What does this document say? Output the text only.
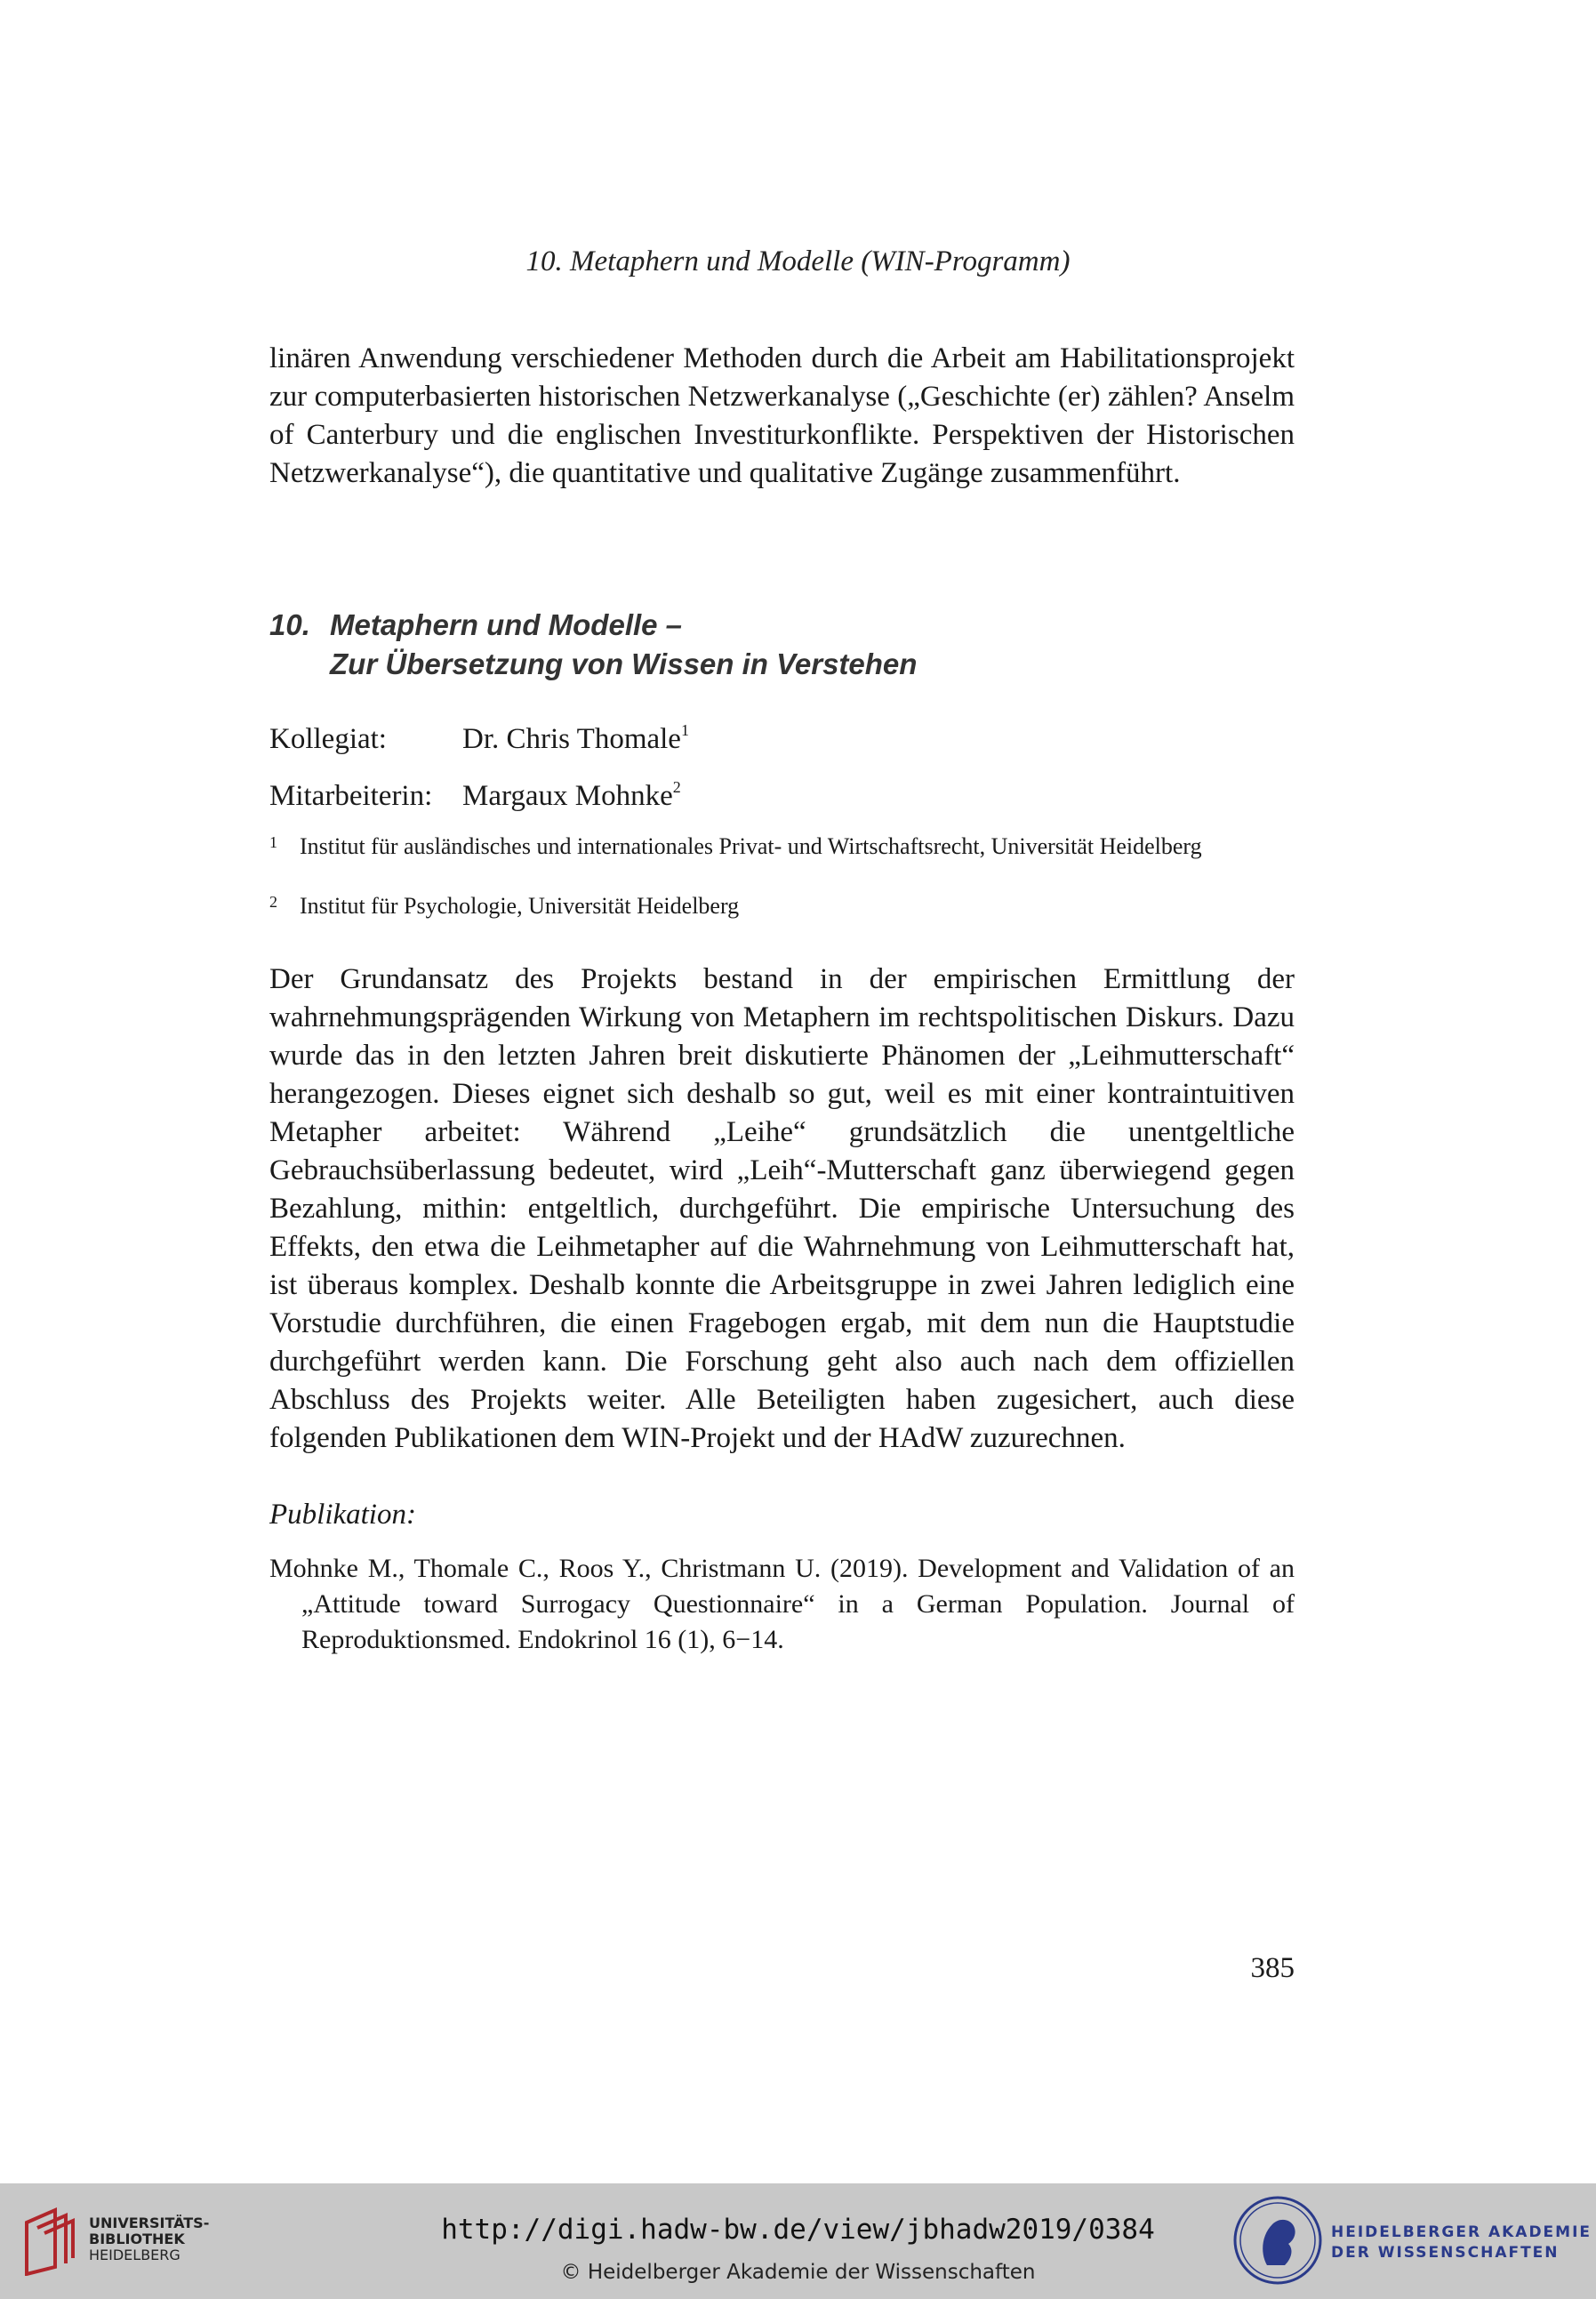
10. Metaphern und Modelle (WIN-Programm)

linären Anwendung verschiedener Methoden durch die Arbeit am Habilitationsprojekt zur computerbasierten historischen Netzwerkanalyse („Geschichte (er) zählen? Anselm of Canterbury und die englischen Investiturkonflikte. Perspektiven der Historischen Netzwerkanalyse“), die quantitative und qualitative Zugänge zusammenführt.

10. Metaphern und Modelle –
Zur Übersetzung von Wissen in Verstehen
Kollegiat:	Dr. Chris Thomale$^1$
Mitarbeiterin: Margaux Mohnke$^2$
1 Institut für ausländisches und internationales Privat- und Wirtschaftsrecht, Universität Heidelberg
2 Institut für Psychologie, Universität Heidelberg

Der Grundansatz des Projekts bestand in der empirischen Ermittlung der wahrnehmungsprägenden Wirkung von Metaphern im rechtspolitischen Diskurs. Dazu wurde das in den letzten Jahren breit diskutierte Phänomen der „Leihmutterschaft“ herangezogen. Dieses eignet sich deshalb so gut, weil es mit einer kontraintuitiven Metapher arbeitet: Während „Leihe“ grundsätzlich die unentgeltliche Gebrauchsüberlassung bedeutet, wird „Leih“-Mutterschaft ganz überwiegend gegen Bezahlung, mithin: entgeltlich, durchgeführt. Die empirische Untersuchung des Effekts, den etwa die Leihmetapher auf die Wahrnehmung von Leihmutterschaft hat, ist überaus komplex. Deshalb konnte die Arbeitsgruppe in zwei Jahren lediglich eine Vorstudie durchführen, die einen Fragebogen ergab, mit dem nun die Hauptstudie durchgeführt werden kann. Die Forschung geht also auch nach dem offiziellen Abschluss des Projekts weiter. Alle Beteiligten haben zugesichert, auch diese folgenden Publikationen dem WIN-Projekt und der HAdW zuzurechnen.

Publikation:
Mohnke M., Thomale C., Roos Y., Christmann U. (2019). Development and Validation of an „Attitude toward Surrogacy Questionnaire“ in a German Population. Journal of Reproduktionsmed. Endokrinol 16 (1), 6−14.
385
UNIVERSITÄTS-
BIBLIOTHEK
HEIDELBERG
http://digi.hadw-bw.de/view/jbhadw2019/0384
© Heidelberger Akademie der Wissenschaften
HEIDELBERGER AKADEMIE
DER WISSENSCHAFTEN
